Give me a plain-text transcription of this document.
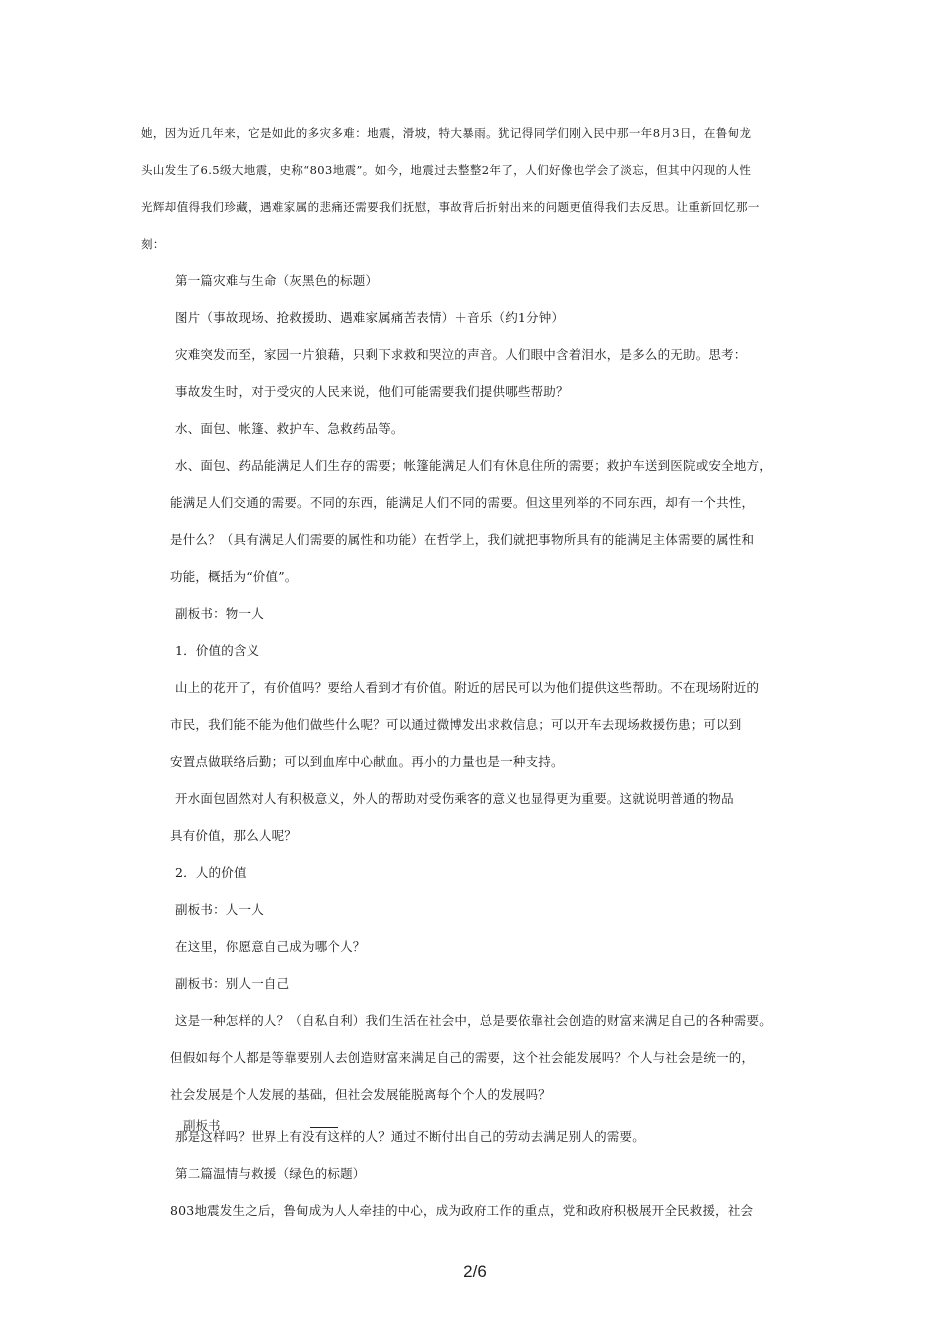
她，因为近几年来，它是如此的多灾多难：地震，滑坡，特大暴雨。犹记得同学们刚入民中那一年8月3日，在鲁甸龙
头山发生了6.5级大地震，史称“803地震”。如今，地震过去整整2年了，人们好像也学会了淡忘，但其中闪现的人性
光辉却值得我们珍藏，遇难家属的悲痛还需要我们抚慰，事故背后折射出来的问题更值得我们去反思。让重新回忆那一
刻：
第一篇灾难与生命（灰黑色的标题）
图片（事故现场、抢救援助、遇难家属痛苦表情）＋音乐（约1分钟）
灾难突发而至，家园一片狼藉，只剩下求救和哭泣的声音。人们眼中含着泪水，是多么的无助。思考：
事故发生时，对于受灾的人民来说，他们可能需要我们提供哪些帮助？
水、面包、帐篷、救护车、急救药品等。
水、面包、药品能满足人们生存的需要；帐篷能满足人们有休息住所的需要；救护车送到医院或安全地方，
能满足人们交通的需要。不同的东西，能满足人们不同的需要。但这里列举的不同东西，却有一个共性，
是什么？（具有满足人们需要的属性和功能）在哲学上，我们就把事物所具有的能满足主体需要的属性和
功能，概括为“价值”。
副板书：物一人
1．价值的含义
山上的花开了，有价值吗？要给人看到才有价值。附近的居民可以为他们提供这些帮助。不在现场附近的
市民，我们能不能为他们做些什么呢？可以通过微博发出求救信息；可以开车去现场救援伤患；可以到
安置点做联络后勤；可以到血库中心献血。再小的力量也是一种支持。
开水面包固然对人有积极意义，外人的帮助对受伤乘客的意义也显得更为重要。这就说明普通的物品
具有价值，那么人呢？
2．人的价值
副板书：人一人
在这里，你愿意自己成为哪个人？
副板书：别人一自己
这是一种怎样的人？（自私自利）我们生活在社会中，总是要依靠社会创造的财富来满足自己的各种需要。
但假如每个人都是等靠要别人去创造财富来满足自己的需要，这个社会能发展吗？个人与社会是统一的，
社会发展是个人发展的基础，但社会发展能脱离每个个人的发展吗？
副板书
那是这样吗？世界上有没有这样的人？通过不断付出自己的劳动去满足别人的需要。
第二篇温情与救援（绿色的标题）
803地震发生之后，鲁甸成为人人牵挂的中心，成为政府工作的重点，党和政府积极展开全民救援，社会
2/6
